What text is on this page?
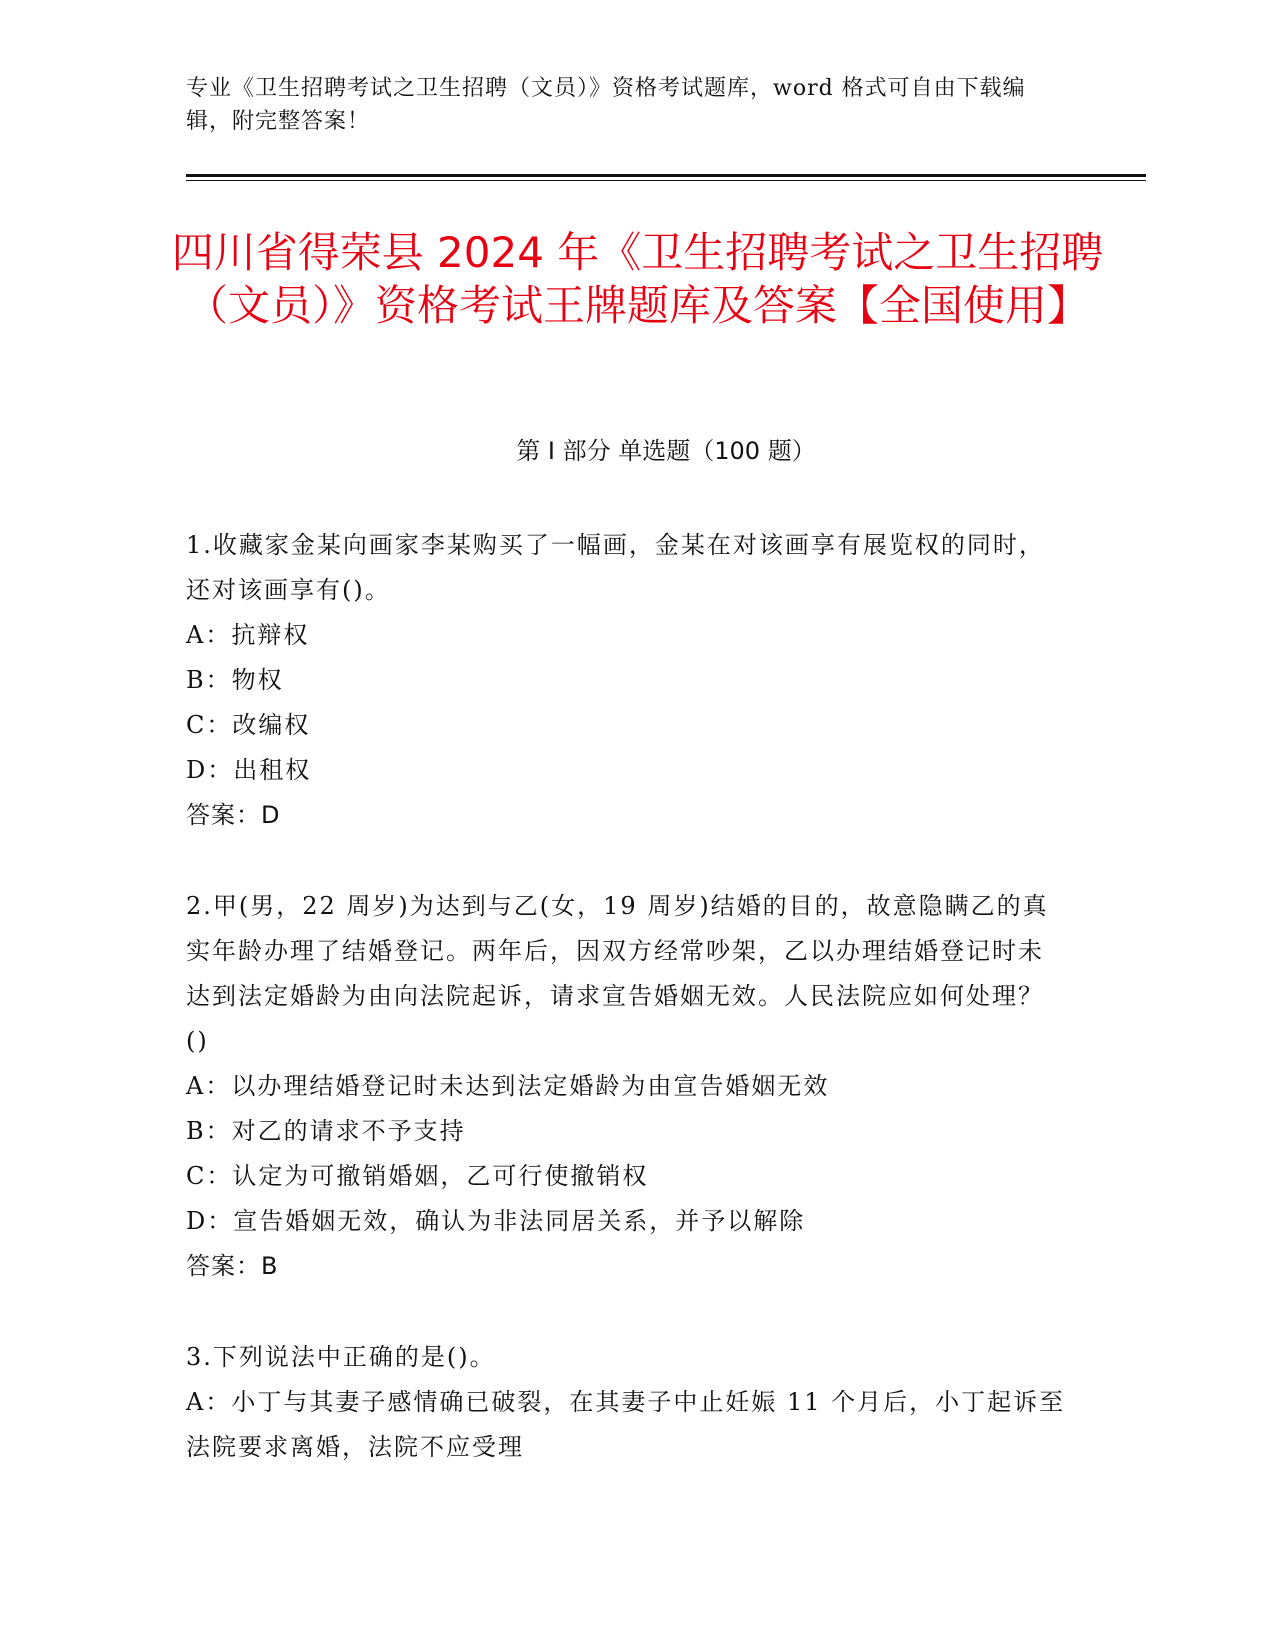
专业《卫生招聘考试之卫生招聘（文员）》资格考试题库，word 格式可自由下载编辑，附完整答案！
四川省得荣县 2024 年《卫生招聘考试之卫生招聘（文员）》资格考试王牌题库及答案【全国使用】
第 I 部分 单选题（100 题）
1.收藏家金某向画家李某购买了一幅画，金某在对该画享有展览权的同时，还对该画享有()。
A：抗辩权
B：物权
C：改编权
D：出租权
答案：D
2.甲(男，22 周岁)为达到与乙(女，19 周岁)结婚的目的，故意隐瞒乙的真实年龄办理了结婚登记。两年后，因双方经常吵架，乙以办理结婚登记时未达到法定婚龄为由向法院起诉，请求宣告婚姻无效。人民法院应如何处理？()
A：以办理结婚登记时未达到法定婚龄为由宣告婚姻无效
B：对乙的请求不予支持
C：认定为可撤销婚姻，乙可行使撤销权
D：宣告婚姻无效，确认为非法同居关系，并予以解除
答案：B
3.下列说法中正确的是()。
A：小丁与其妻子感情确已破裂，在其妻子中止妊娠 11 个月后，小丁起诉至法院要求离婚，法院不应受理
